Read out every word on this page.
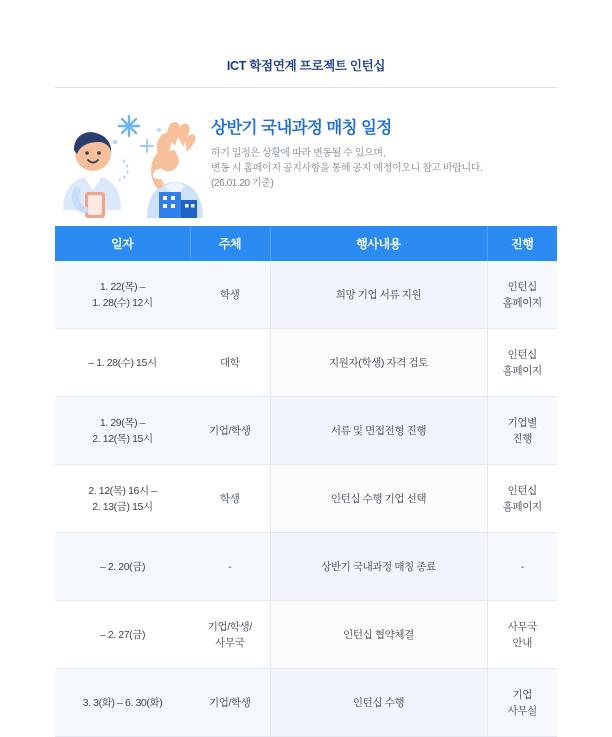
ICT 학점연계 프로젝트 인턴십
상반기 국내과정 매칭 일정
하기 일정은 상황에 따라 변동될 수 있으며,
변동 시 홈페이지 공지사항을 통해 공지 예정이오니 참고 바랍니다.
(26.01.20 기준)
일자	주체	행사내용	진행

1. 22(목) –
1. 28(수) 12시	학생	희망 기업 서류 지원	인턴십
홈페이지

– 1. 28(수) 15시	대학	지원자(학생) 자격 검토	인턴십
홈페이지

1. 29(목) –
2. 12(목) 15시	기업/학생	서류 및 면접전형 진행	기업별
진행

2. 12(목) 16시 –
2. 13(금) 15시	학생	인턴십 수행 기업 선택	인턴십
홈페이지

– 2. 20(금)	-	상반기 국내과정 매칭 종료	-

– 2. 27(금)	기업/학생/
사무국	인턴십 협약체결	사무국
안내

3. 3(화) – 6. 30(화)	기업/학생	인턴십 수행	기업
사무실
